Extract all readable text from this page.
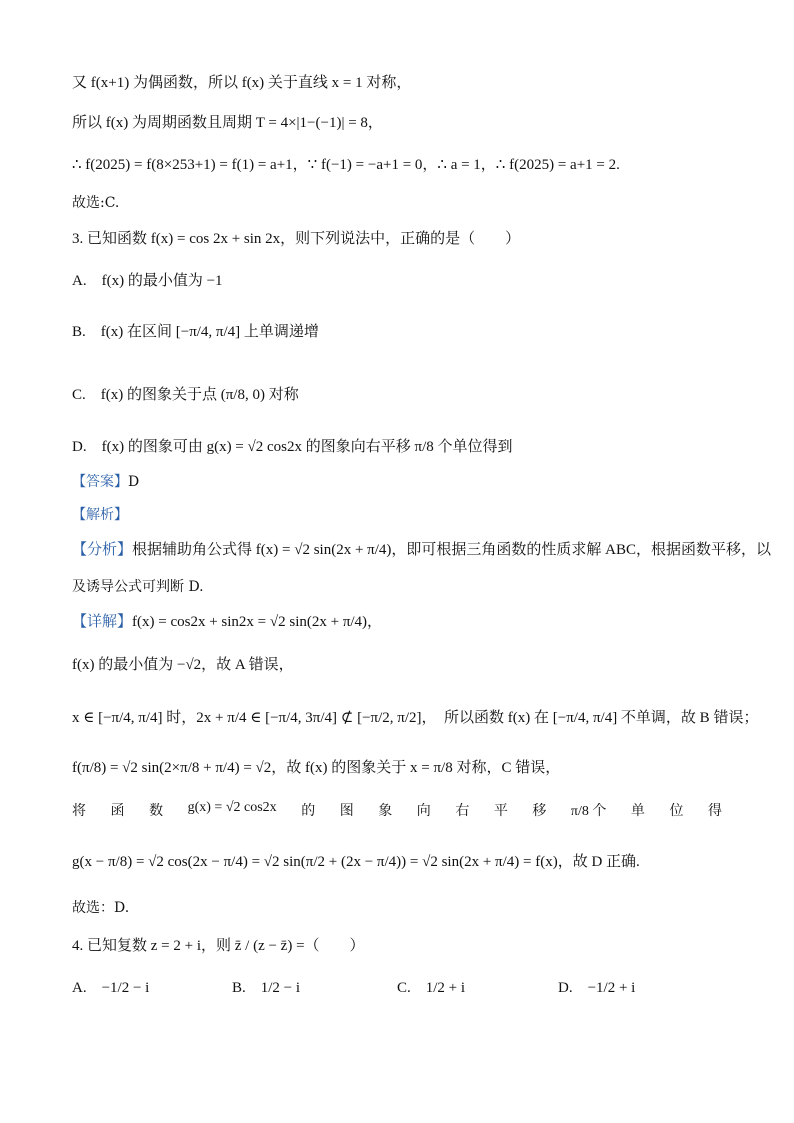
又 f(x+1) 为偶函数，所以 f(x) 关于直线 x = 1 对称，
所以 f(x) 为周期函数且周期 T = 4×|1−(−1)| = 8，
∴ f(2025) = f(8×253+1) = f(1) = a+1，∵ f(−1) = −a+1 = 0，∴ a = 1，∴ f(2025) = a+1 = 2.
故选:C.
3. 已知函数 f(x) = cos 2x + sin 2x，则下列说法中，正确的是（　　）
A.　f(x) 的最小值为 −1
B.　f(x) 在区间 [−π/4, π/4] 上单调递增
C.　f(x) 的图象关于点 (π/8, 0) 对称
D.　f(x) 的图象可由 g(x) = √2 cos2x 的图象向右平移 π/8 个单位得到
【答案】D
【解析】
【分析】根据辅助角公式得 f(x) = √2 sin(2x + π/4)，即可根据三角函数的性质求解 ABC，根据函数平移，以
及诱导公式可判断 D.
【详解】f(x) = cos2x + sin2x = √2 sin(2x + π/4)，
f(x) 的最小值为 −√2，故 A 错误，
x ∈ [−π/4, π/4] 时，2x + π/4 ∈ [−π/4, 3π/4] ⊄ [−π/2, π/2]，　所以函数 f(x) 在 [−π/4, π/4] 不单调，故 B 错误；
f(π/8) = √2 sin(2×π/8 + π/4) = √2，故 f(x) 的图象关于 x = π/8 对称，C 错误，
将 函 数 g(x) = √2 cos2x 的 图 象 向 右 平 移 π/8 个 单 位 得
g(x − π/8) = √2 cos(2x − π/4) = √2 sin(π/2 + (2x − π/4)) = √2 sin(2x + π/4) = f(x)，故 D 正确.
故选：D.
4. 已知复数 z = 2 + i，则 z̄ / (z − z̄) =（　　）
A.　−1/2 − i	B.　1/2 − i	C.　1/2 + i	D.　−1/2 + i
